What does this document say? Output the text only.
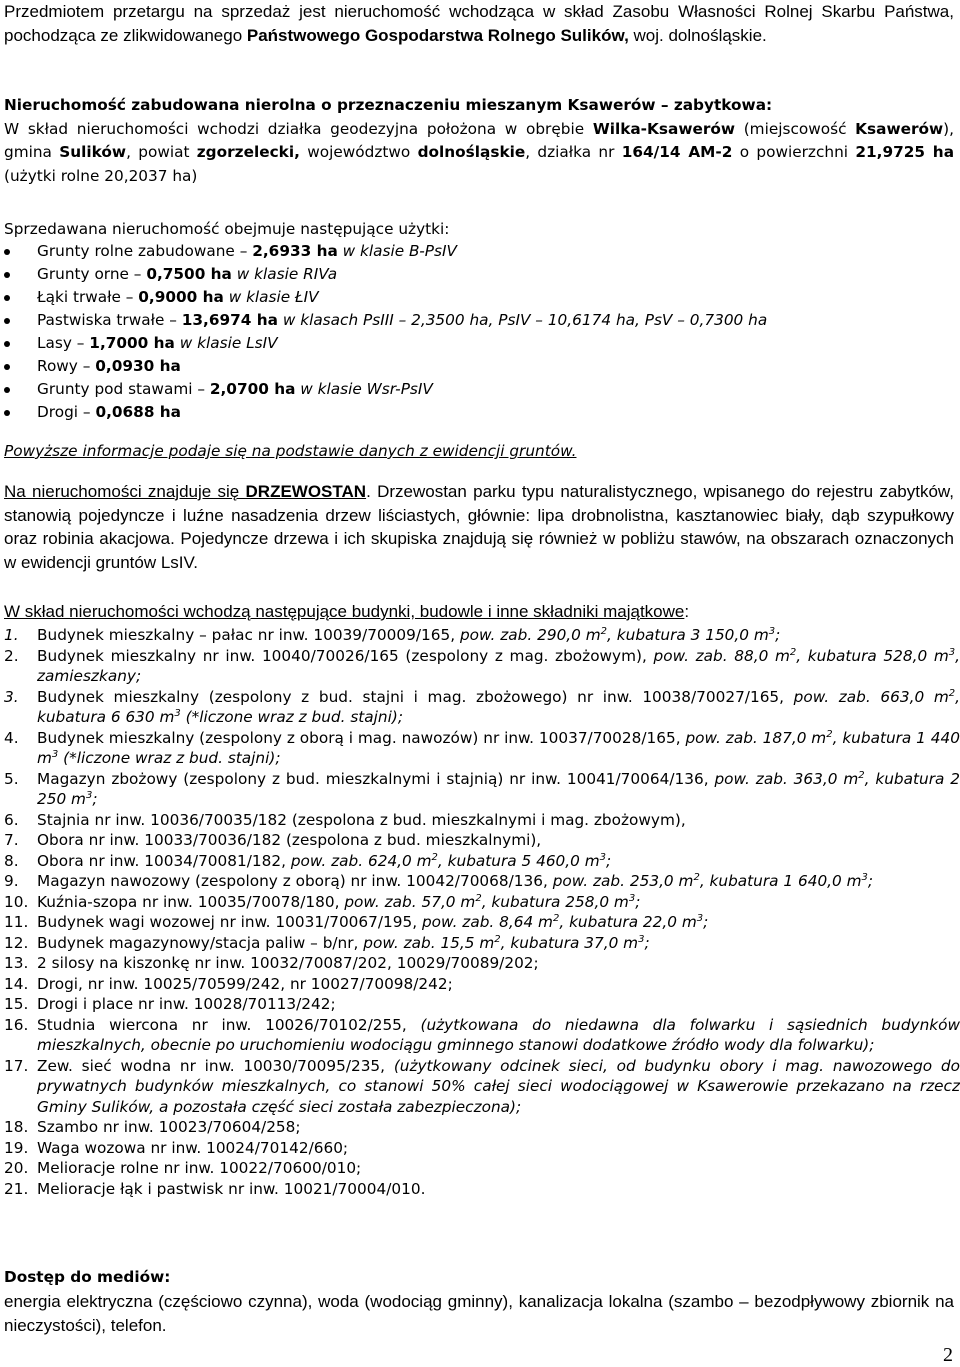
Przedmiotem przetargu na sprzedaż jest nieruchomość wchodząca w skład Zasobu Własności Rolnej Skarbu Państwa, pochodząca ze zlikwidowanego Państwowego Gospodarstwa Rolnego Sulików, woj. dolnośląskie.

Nieruchomość zabudowana nierolna o przeznaczeniu mieszanym Ksawerów – zabytkowa:

W skład nieruchomości wchodzi działka geodezyjna położona w obrębie Wilka-Ksawerów (miejscowość Ksawerów), gmina Sulików, powiat zgorzelecki, województwo dolnośląskie, działka nr 164/14 AM-2 o powierzchni 21,9725 ha (użytki rolne 20,2037 ha)

Sprzedawana nieruchomość obejmuje następujące użytki:

Grunty rolne zabudowane – 2,6933 ha w klasie B-PsIV
Grunty orne – 0,7500 ha w klasie RIVa
Łąki trwałe – 0,9000 ha w klasie ŁIV
Pastwiska trwałe – 13,6974 ha w klasach PsIII – 2,3500 ha, PsIV – 10,6174 ha, PsV – 0,7300 ha
Lasy – 1,7000 ha w klasie LsIV
Rowy – 0,0930 ha
Grunty pod stawami – 2,0700 ha w klasie Wsr-PsIV
Drogi – 0,0688 ha

Powyższe informacje podaje się na podstawie danych z ewidencji gruntów.

Na nieruchomości znajduje się DRZEWOSTAN. Drzewostan parku typu naturalistycznego, wpisanego do rejestru zabytków, stanowią pojedyncze i luźne nasadzenia drzew liściastych, głównie: lipa drobnolistna, kasztanowiec biały, dąb szypułkowy oraz robinia akacjowa. Pojedyncze drzewa i ich skupiska znajdują się również w pobliżu stawów, na obszarach oznaczonych w ewidencji gruntów LsIV.

W skład nieruchomości wchodzą następujące budynki, budowle i inne składniki majątkowe:

1. Budynek mieszkalny – pałac nr inw. 10039/70009/165, pow. zab. 290,0 $m^2$, kubatura 3 150,0 $m^3$;
2. Budynek mieszkalny nr inw. 10040/70026/165 (zespolony z mag. zbożowym), pow. zab. 88,0 $m^2$, kubatura 528,0 $m^3$, zamieszkany;
3. Budynek mieszkalny (zespolony z bud. stajni i mag. zbożowego) nr inw. 10038/70027/165, pow. zab. 663,0 $m^2$, kubatura 6 630 $m^3$ (*liczone wraz z bud. stajni);
4. Budynek mieszkalny (zespolony z oborą i mag. nawozów) nr inw. 10037/70028/165, pow. zab. 187,0 $m^2$, kubatura 1 440 $m^3$ (*liczone wraz z bud. stajni);
5. Magazyn zbożowy (zespolony z bud. mieszkalnymi i stajnią) nr inw. 10041/70064/136, pow. zab. 363,0 $m^2$, kubatura 2 250 $m^3$;
6. Stajnia nr inw. 10036/70035/182 (zespolona z bud. mieszkalnymi i mag. zbożowym),
7. Obora nr inw. 10033/70036/182 (zespolona z bud. mieszkalnymi),
8. Obora nr inw. 10034/70081/182, pow. zab. 624,0 $m^2$, kubatura 5 460,0 $m^3$;
9. Magazyn nawozowy (zespolony z oborą) nr inw. 10042/70068/136, pow. zab. 253,0 $m^2$, kubatura 1 640,0 $m^3$;
10. Kuźnia-szopa nr inw. 10035/70078/180, pow. zab. 57,0 $m^2$, kubatura 258,0 $m^3$;
11. Budynek wagi wozowej nr inw. 10031/70067/195, pow. zab. 8,64 $m^2$, kubatura 22,0 $m^3$;
12. Budynek magazynowy/stacja paliw – b/nr, pow. zab. 15,5 $m^2$, kubatura 37,0 $m^3$;
13. 2 silosy na kiszonkę nr inw. 10032/70087/202, 10029/70089/202;
14. Drogi, nr inw. 10025/70599/242, nr 10027/70098/242;
15. Drogi i place nr inw. 10028/70113/242;
16. Studnia wiercona nr inw. 10026/70102/255, (użytkowana do niedawna dla folwarku i sąsiednich budynków mieszkalnych, obecnie po uruchomieniu wodociągu gminnego stanowi dodatkowe źródło wody dla folwarku);
17. Zew. sieć wodna nr inw. 10030/70095/235, (użytkowany odcinek sieci, od budynku obory i mag. nawozowego do prywatnych budynków mieszkalnych, co stanowi 50% całej sieci wodociągowej w Ksawerowie przekazano na rzecz Gminy Sulików, a pozostała część sieci została zabezpieczona);
18. Szambo nr inw. 10023/70604/258;
19. Waga wozowa nr inw. 10024/70142/660;
20. Melioracje rolne nr inw. 10022/70600/010;
21. Melioracje łąk i pastwisk nr inw. 10021/70004/010.

Dostęp do mediów:

energia elektryczna (częściowo czynna), woda (wodociąg gminny), kanalizacja lokalna (szambo – bezodpływowy zbiornik na nieczystości), telefon.

2
